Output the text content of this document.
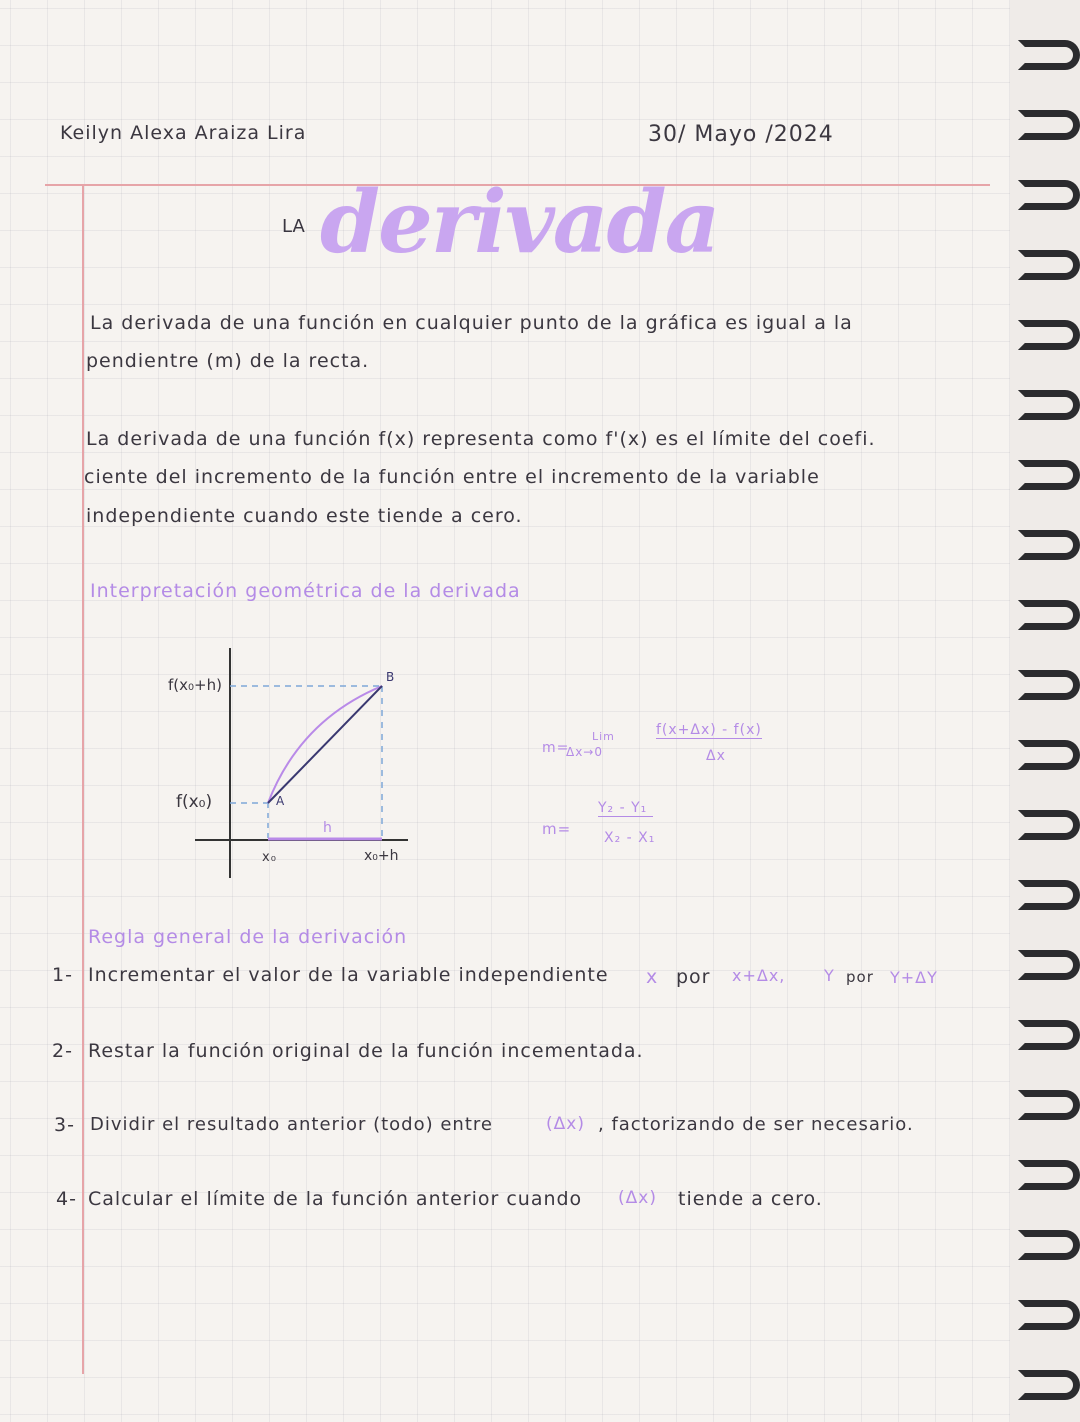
Keilyn Alexa Araiza Lira	30/ Mayo /2024
LA derivada
La derivada de una función en cualquier punto de la gráfica es igual a la
pendientre (m) de la recta.
La derivada de una función f(x) representa como f'(x) es el límite del coefi.
ciente del incremento de la función entre el incremento de la variable
independiente cuando este tiende a cero.
Interpretación geométrica de la derivada
f(x₀+h)
f(x₀)
x₀	x₀+h
A
B
h
m=
Lim
Δx→0
f(x+Δx) - f(x)
Δx
m=
Y₂ - Y₁
X₂ - X₁
Regla general de la derivación
1- Incrementar el valor de la variable independiente x por x+Δx, Y por Y+ΔY
2- Restar la función original de la función incementada.
3- Dividir el resultado anterior (todo) entre	(Δx) , factorizando de ser necesario.
4- Calcular el límite de la función anterior cuando (Δx) tiende a cero.
